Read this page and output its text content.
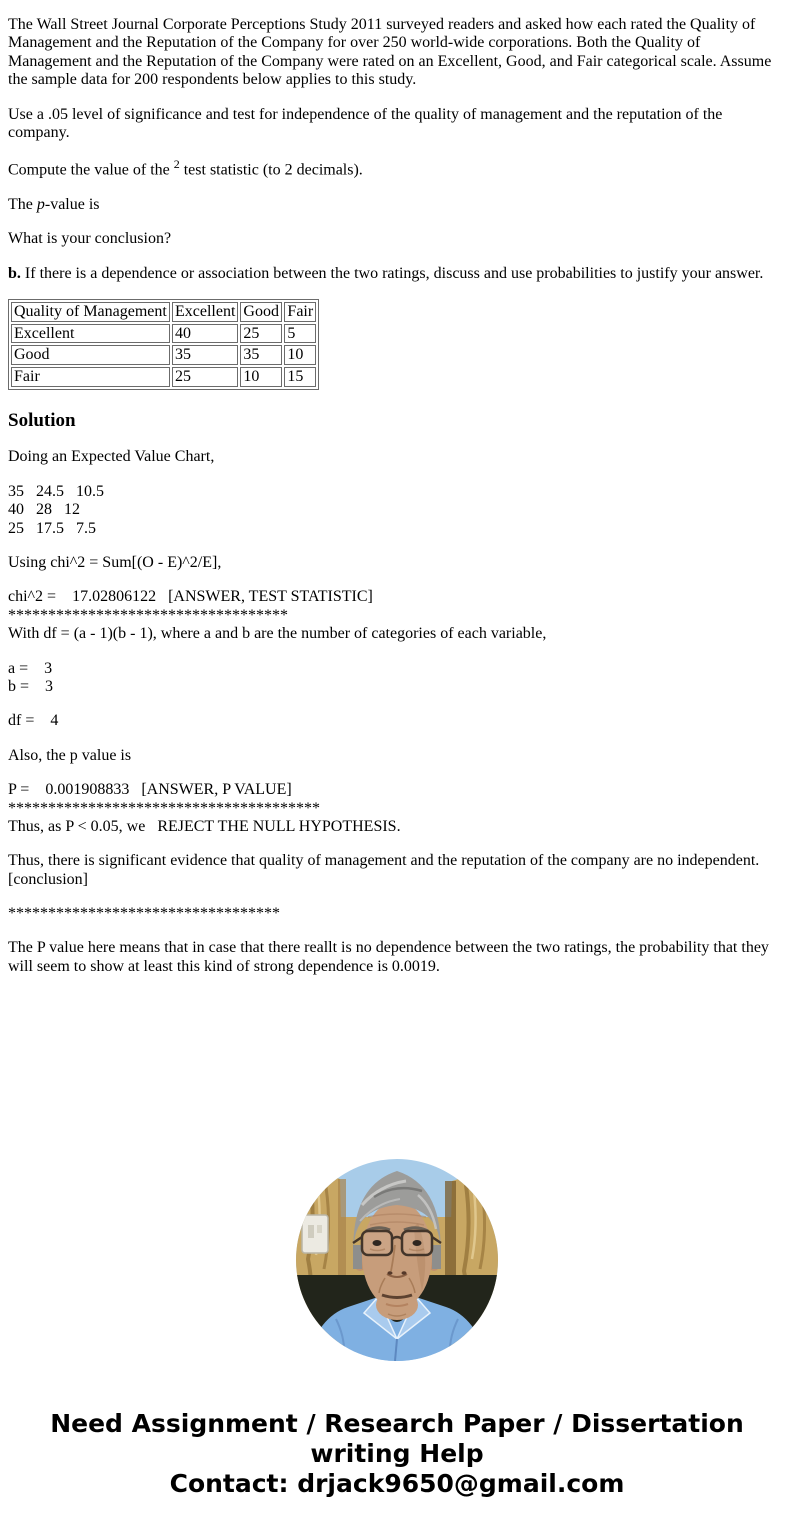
The Wall Street Journal Corporate Perceptions Study 2011 surveyed readers and asked how each rated the Quality of Management and the Reputation of the Company for over 250 world-wide corporations. Both the Quality of Management and the Reputation of the Company were rated on an Excellent, Good, and Fair categorical scale. Assume the sample data for 200 respondents below applies to this study.

Use a .05 level of significance and test for independence of the quality of management and the reputation of the company.

Compute the value of the $^2$ test statistic (to 2 decimals).

The p-value is

What is your conclusion?

b. If there is a dependence or association between the two ratings, discuss and use probabilities to justify your answer.

Quality of Management	Excellent	Good	Fair
Excellent	40	25	5
Good	35	35	10
Fair	25	10	15
Solution

Doing an Expected Value Chart,

35   24.5   10.5
40   28   12
25   17.5   7.5

Using chi^2 = Sum[(O - E)^2/E],

chi^2 =    17.02806122   [ANSWER, TEST STATISTIC]
***********************************
With df = (a - 1)(b - 1), where a and b are the number of categories of each variable,

a =    3
b =    3

df =    4

Also, the p value is

P =    0.001908833   [ANSWER, P VALUE]
***************************************
Thus, as P < 0.05, we   REJECT THE NULL HYPOTHESIS.

Thus, there is significant evidence that quality of management and the reputation of the company are no independent. [conclusion]

**********************************

The P value here means that in case that there reallt is no dependence between the two ratings, the probability that they will seem to show at least this kind of strong dependence is 0.0019.

Need Assignment / Research Paper / Dissertation writing Help
Contact: drjack9650@gmail.com
